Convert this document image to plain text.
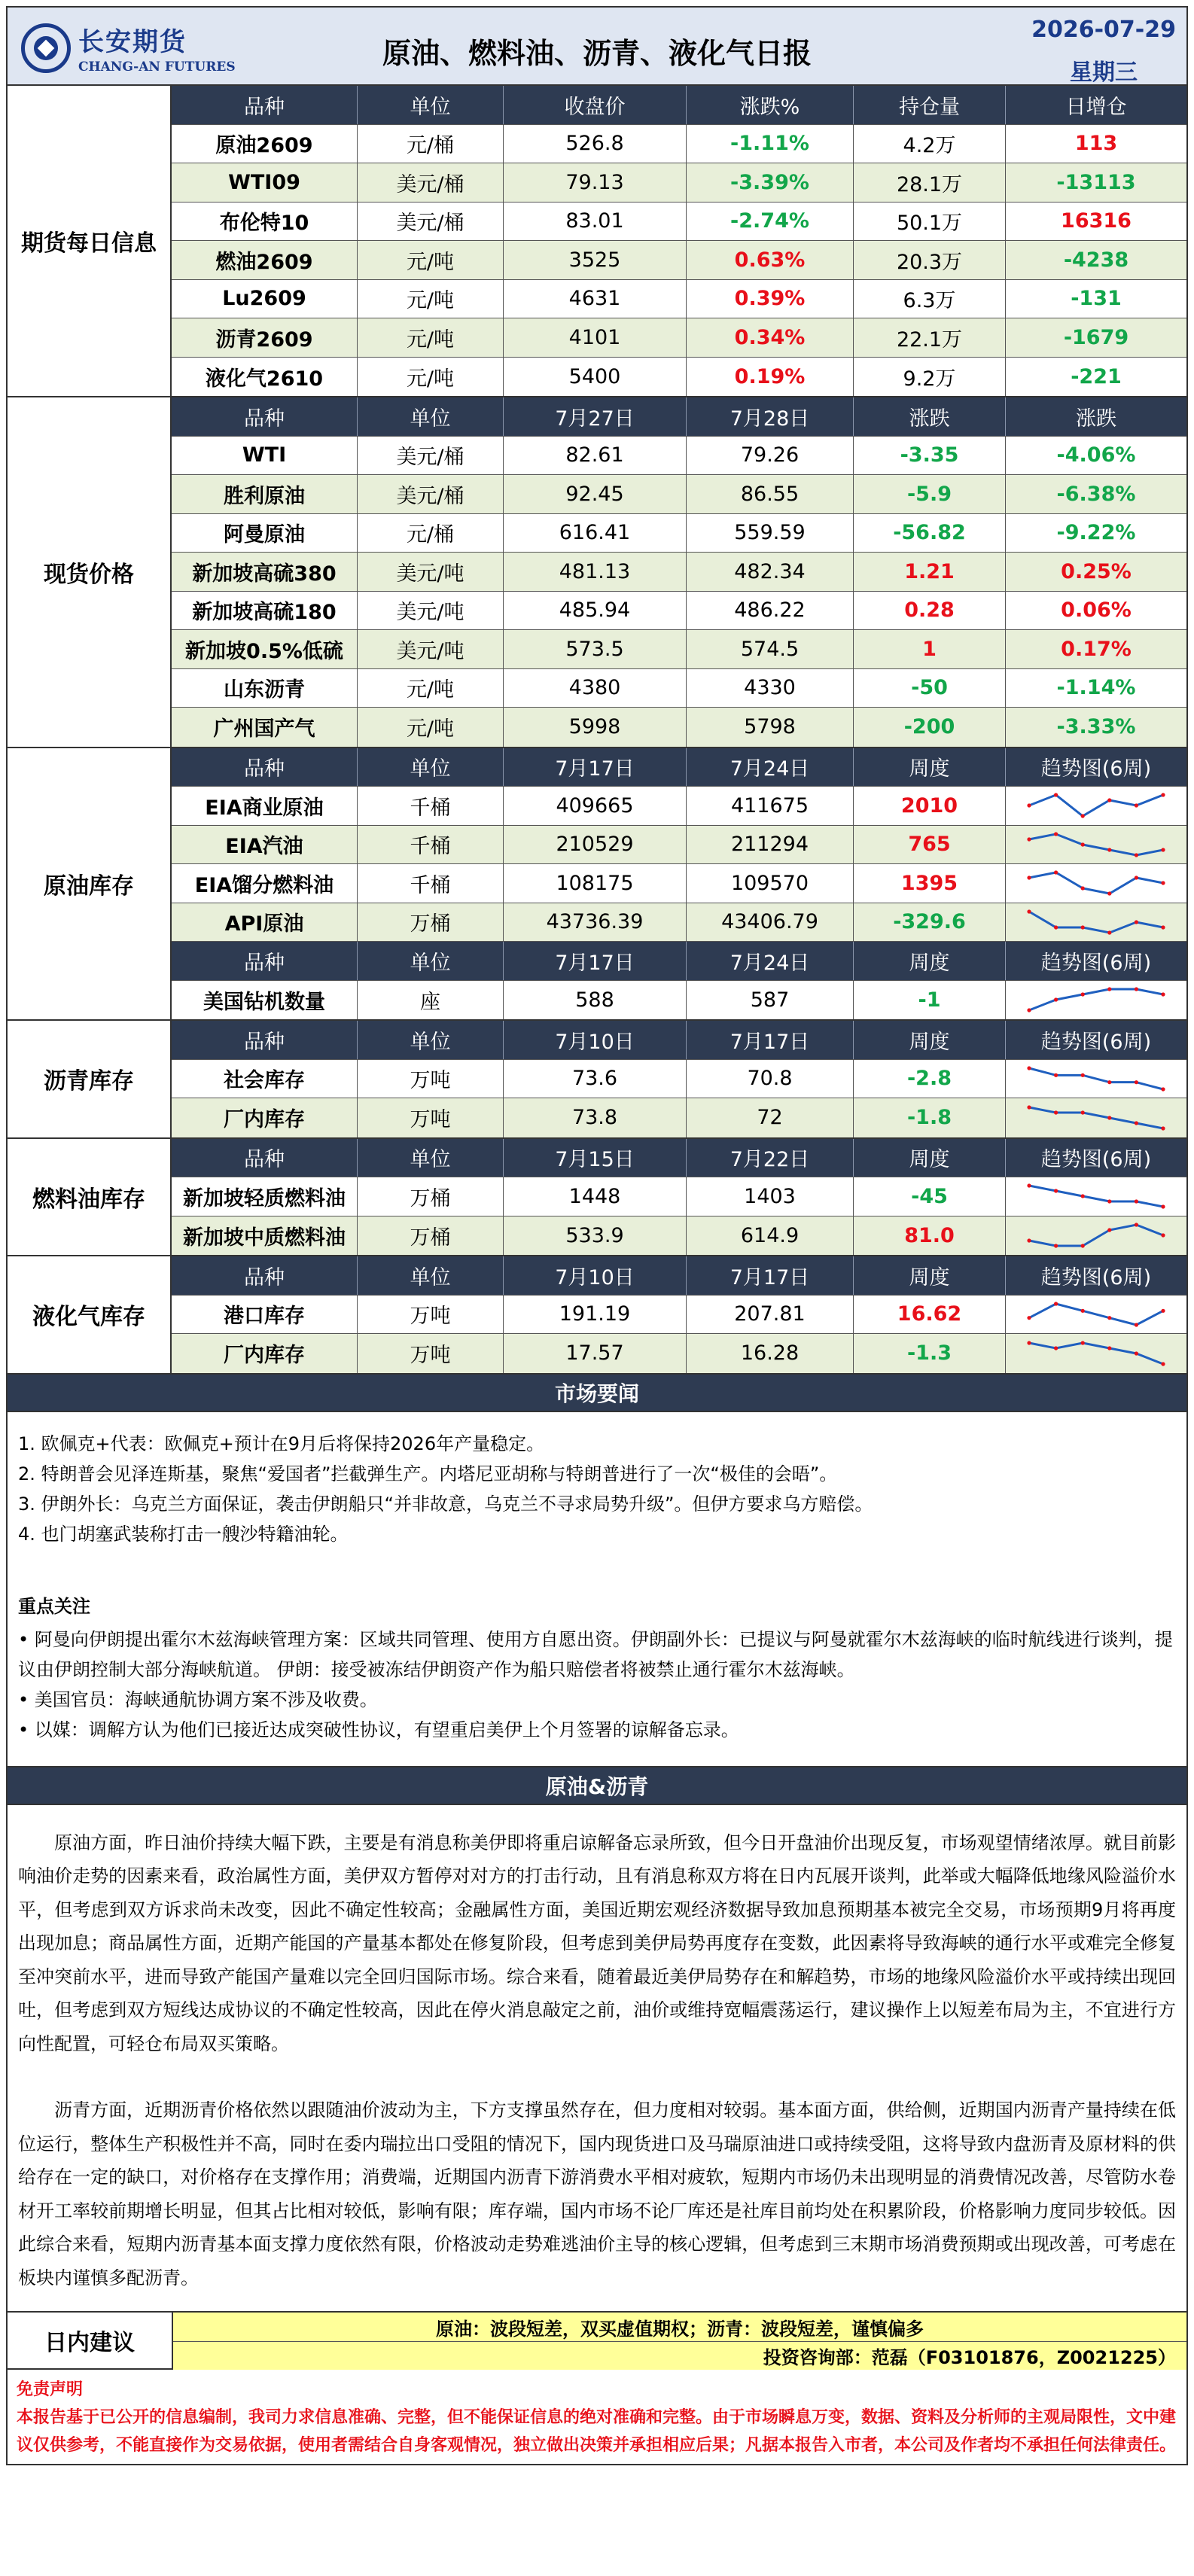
长安期货
CHANG-AN FUTURES	原油、燃料油、沥青、液化气日报
2026-07-29
星期三
期货每日信息
品种	单位	收盘价	涨跌%	持仓量	日增仓
原油2609	元/桶	526.8	-1.11%	4.2万	113
WTI09	美元/桶	79.13	-3.39%	28.1万	-13113
布伦特10	美元/桶	83.01	-2.74%	50.1万	16316
燃油2609	元/吨	3525	0.63%	20.3万	-4238
Lu2609	元/吨	4631	0.39%	6.3万	-131
沥青2609	元/吨	4101	0.34%	22.1万	-1679
液化气2610	元/吨	5400	0.19%	9.2万	-221
现货价格
品种	单位	7月27日	7月28日	涨跌	涨跌
WTI	美元/桶	82.61	79.26	-3.35	-4.06%
胜利原油	美元/桶	92.45	86.55	-5.9	-6.38%
阿曼原油	元/桶	616.41	559.59	-56.82	-9.22%
新加坡高硫380	美元/吨	481.13	482.34	1.21	0.25%
新加坡高硫180	美元/吨	485.94	486.22	0.28	0.06%
新加坡0.5%低硫	美元/吨	573.5	574.5	1	0.17%
山东沥青	元/吨	4380	4330	-50	-1.14%
广州国产气	元/吨	5998	5798	-200	-3.33%
原油库存
品种	单位	7月17日	7月24日	周度	趋势图(6周)
EIA商业原油	千桶	409665	411675	2010
EIA汽油	千桶	210529	211294	765
EIA馏分燃料油	千桶	108175	109570	1395
API原油	万桶	43736.39	43406.79	-329.6
品种	单位	7月17日	7月24日	周度	趋势图(6周)
美国钻机数量	座	588	587	-1
沥青库存
品种	单位	7月10日	7月17日	周度	趋势图(6周)
社会库存	万吨	73.6	70.8	-2.8
厂内库存	万吨	73.8	72	-1.8
燃料油库存
品种	单位	7月15日	7月22日	周度	趋势图(6周)
新加坡轻质燃料油	万桶	1448	1403	-45
新加坡中质燃料油	万桶	533.9	614.9	81.0
液化气库存
品种	单位	7月10日	7月17日	周度	趋势图(6周)
港口库存	万吨	191.19	207.81	16.62
厂内库存	万吨	17.57	16.28	-1.3
市场要闻
1. 欧佩克+代表：欧佩克+预计在9月后将保持2026年产量稳定。
2. 特朗普会见泽连斯基，聚焦“爱国者”拦截弹生产。内塔尼亚胡称与特朗普进行了一次“极佳的会晤”。
3. 伊朗外长：乌克兰方面保证，袭击伊朗船只“并非故意，乌克兰不寻求局势升级”。但伊方要求乌方赔偿。
4. 也门胡塞武装称打击一艘沙特籍油轮。
重点关注
• 阿曼向伊朗提出霍尔木兹海峡管理方案：区域共同管理、使用方自愿出资。伊朗副外长：已提议与阿曼就霍尔木兹海峡的临时航线进行谈判，提议由伊朗控制大部分海峡航道。 伊朗：接受被冻结伊朗资产作为船只赔偿者将被禁止通行霍尔木兹海峡。
• 美国官员：海峡通航协调方案不涉及收费。
• 以媒：调解方认为他们已接近达成突破性协议，有望重启美伊上个月签署的谅解备忘录。
原油&沥青

原油方面，昨日油价持续大幅下跌，主要是有消息称美伊即将重启谅解备忘录所致，但今日开盘油价出现反复，市场观望情绪浓厚。就目前影响油价走势的因素来看，政治属性方面，美伊双方暂停对对方的打击行动，且有消息称双方将在日内瓦展开谈判，此举或大幅降低地缘风险溢价水平，但考虑到双方诉求尚未改变，因此不确定性较高；金融属性方面，美国近期宏观经济数据导致加息预期基本被完全交易，市场预期9月将再度出现加息；商品属性方面，近期产能国的产量基本都处在修复阶段，但考虑到美伊局势再度存在变数，此因素将导致海峡的通行水平或难完全修复至冲突前水平，进而导致产能国产量难以完全回归国际市场。综合来看，随着最近美伊局势存在和解趋势，市场的地缘风险溢价水平或持续出现回吐，但考虑到双方短线达成协议的不确定性较高，因此在停火消息敲定之前，油价或维持宽幅震荡运行，建议操作上以短差布局为主，不宜进行方向性配置，可轻仓布局双买策略。

沥青方面，近期沥青价格依然以跟随油价波动为主，下方支撑虽然存在，但力度相对较弱。基本面方面，供给侧，近期国内沥青产量持续在低位运行，整体生产积极性并不高，同时在委内瑞拉出口受阻的情况下，国内现货进口及马瑞原油进口或持续受阻，这将导致内盘沥青及原材料的供给存在一定的缺口，对价格存在支撑作用；消费端，近期国内沥青下游消费水平相对疲软，短期内市场仍未出现明显的消费情况改善，尽管防水卷材开工率较前期增长明显，但其占比相对较低，影响有限；库存端，国内市场不论厂库还是社库目前均处在积累阶段，价格影响力度同步较低。因此综合来看，短期内沥青基本面支撑力度依然有限，价格波动走势难逃油价主导的核心逻辑，但考虑到三末期市场消费预期或出现改善，可考虑在板块内谨慎多配沥青。

日内建议
原油：波段短差，双买虚值期权；沥青：波段短差，谨慎偏多
投资咨询部：范磊（F03101876，Z0021225）
免责声明
本报告基于已公开的信息编制，我司力求信息准确、完整，但不能保证信息的绝对准确和完整。由于市场瞬息万变，数据、资料及分析师的主观局限性，文中建议仅供参考，不能直接作为交易依据，使用者需结合自身客观情况，独立做出决策并承担相应后果；凡据本报告入市者，本公司及作者均不承担任何法律责任。
